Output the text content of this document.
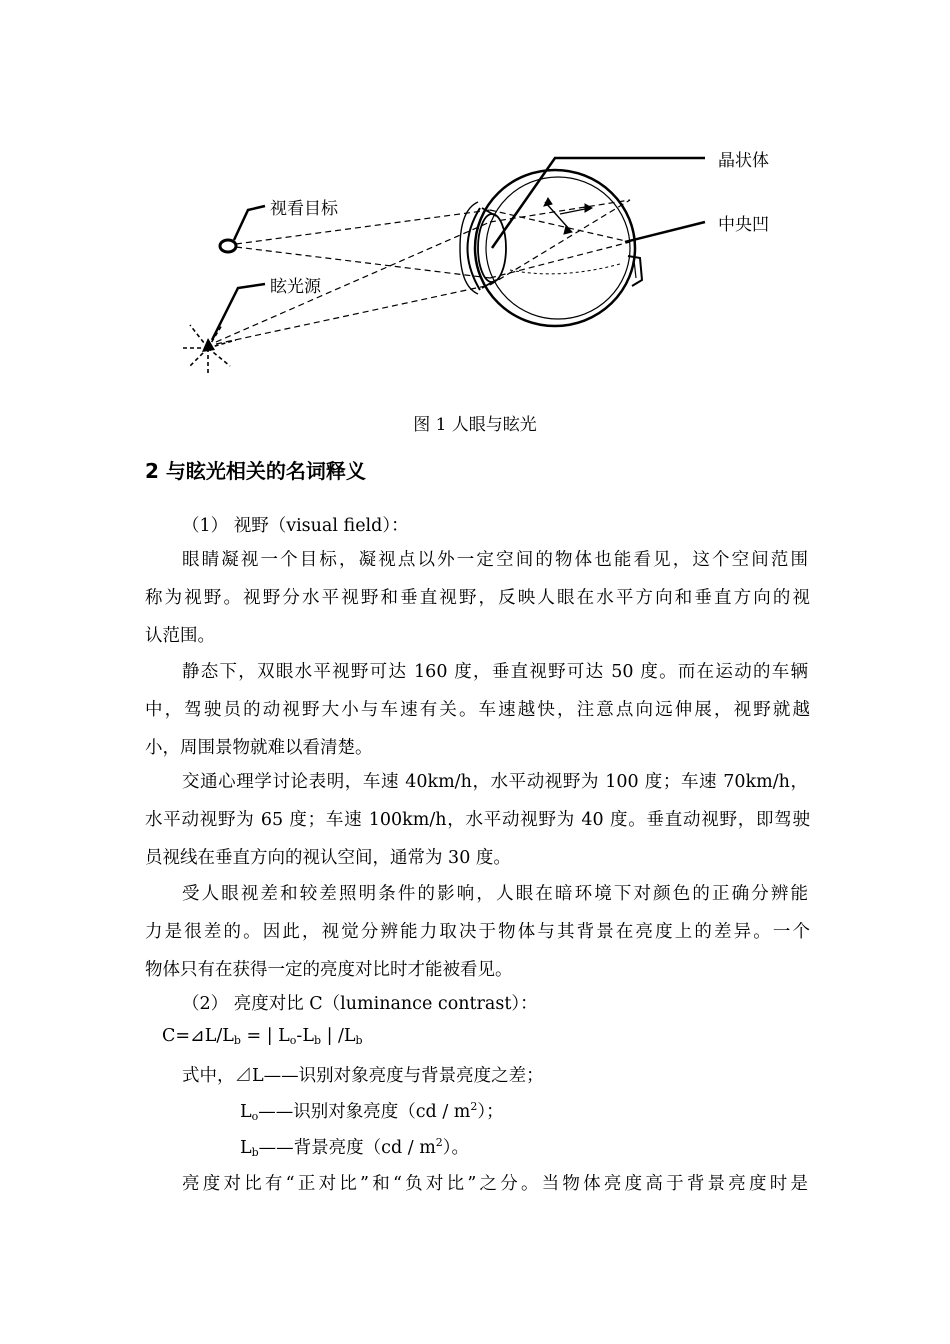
视看目标
眩光源
晶状体
中央凹
图 1 人眼与眩光
2 与眩光相关的名词释义
（1） 视野（visual field）：
眼睛凝视一个目标，凝视点以外一定空间的物体也能看见，这个空间范围
称为视野。视野分水平视野和垂直视野，反映人眼在水平方向和垂直方向的视
认范围。
静态下，双眼水平视野可达 160 度，垂直视野可达 50 度。而在运动的车辆
中，驾驶员的动视野大小与车速有关。车速越快，注意点向远伸展，视野就越
小，周围景物就难以看清楚。
交通心理学讨论表明，车速 40km/h，水平动视野为 100 度；车速 70km/h，
水平动视野为 65 度；车速 100km/h，水平动视野为 40 度。垂直动视野，即驾驶
员视线在垂直方向的视认空间，通常为 30 度。
受人眼视差和较差照明条件的影响，人眼在暗环境下对颜色的正确分辨能
力是很差的。因此，视觉分辨能力取决于物体与其背景在亮度上的差异。一个
物体只有在获得一定的亮度对比时才能被看见。
（2） 亮度对比 C（luminance contrast）：
$C=⊿L/L_b$ = | $L_o-L_b$ | $/L_b$
式中，⊿L——识别对象亮度与背景亮度之差；
$L_o——$识别对象亮度$(cd / m^2)$；
$L_b——$背景亮度$(cd / m^2)$。
亮度对比有“正对比”和“负对比”之分。当物体亮度高于背景亮度时是
